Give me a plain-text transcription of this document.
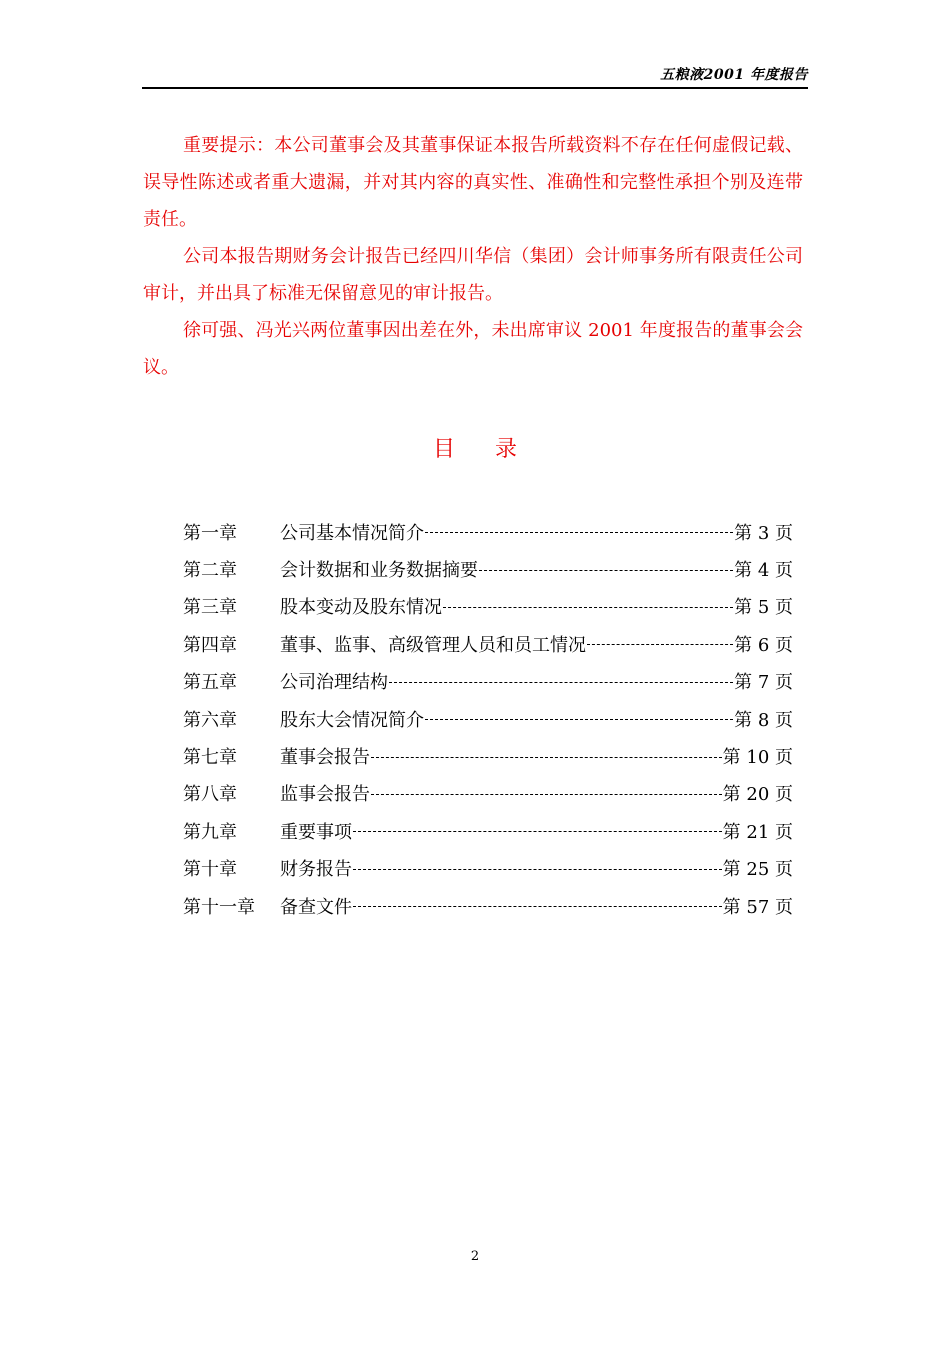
五粮液2001 年度报告

重要提示：本公司董事会及其董事保证本报告所载资料不存在任何虚假记载、误导性陈述或者重大遗漏，并对其内容的真实性、准确性和完整性承担个别及连带责任。

公司本报告期财务会计报告已经四川华信（集团）会计师事务所有限责任公司审计，并出具了标准无保留意见的审计报告。

徐可强、冯光兴两位董事因出差在外，未出席审议 2001 年度报告的董事会会议。

目 录
第一章	公司基本情况简介	第 3 页
第二章	会计数据和业务数据摘要	第 4 页
第三章	股本变动及股东情况	第 5 页
第四章	董事、监事、高级管理人员和员工情况	第 6 页
第五章	公司治理结构	第 7 页
第六章	股东大会情况简介	第 8 页
第七章	董事会报告	第 10 页
第八章	监事会报告	第 20 页
第九章	重要事项	第 21 页
第十章	财务报告	第 25 页
第十一章	备查文件	第 57 页
2
